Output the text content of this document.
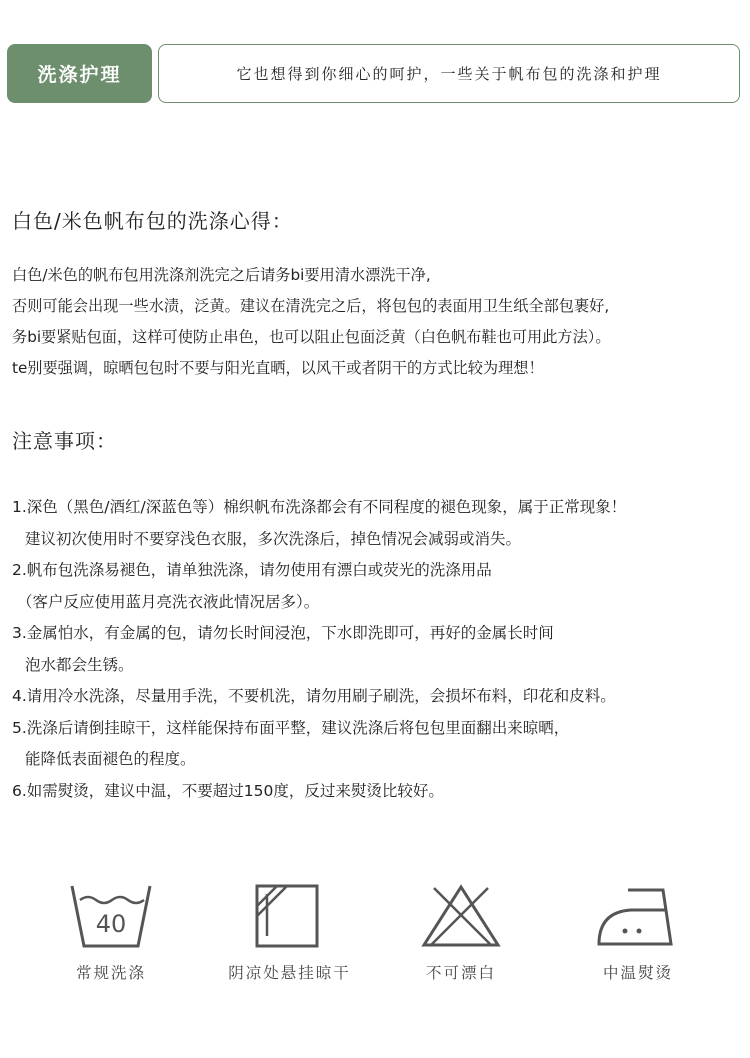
洗涤护理	它也想得到你细心的呵护，一些关于帆布包的洗涤和护理
白色/米色帆布包的洗涤心得：
白色/米色的帆布包用洗涤剂洗完之后请务bi要用清水漂洗干净,
否则可能会出现一些水渍，泛黄。建议在清洗完之后，将包包的表面用卫生纸全部包裹好,
务bi要紧贴包面，这样可使防止串色，也可以阻止包面泛黄（白色帆布鞋也可用此方法）。
te别要强调，晾晒包包时不要与阳光直晒，以风干或者阴干的方式比较为理想！
注意事项：
1.深色（黑色/酒红/深蓝色等）棉织帆布洗涤都会有不同程度的褪色现象，属于正常现象！
建议初次使用时不要穿浅色衣服，多次洗涤后，掉色情况会减弱或消失。
2.帆布包洗涤易褪色，请单独洗涤，请勿使用有漂白或荧光的洗涤用品
（客户反应使用蓝月亮洗衣液此情况居多）。
3.金属怕水，有金属的包，请勿长时间浸泡，下水即洗即可，再好的金属长时间
泡水都会生锈。
4.请用冷水洗涤，尽量用手洗，不要机洗，请勿用刷子刷洗，会损坏布料，印花和皮料。
5.洗涤后请倒挂晾干，这样能保持布面平整，建议洗涤后将包包里面翻出来晾晒，
能降低表面褪色的程度。
6.如需熨烫，建议中温，不要超过150度，反过来熨烫比较好。
40
常规洗涤	阴凉处悬挂晾干	不可漂白	中温熨烫
